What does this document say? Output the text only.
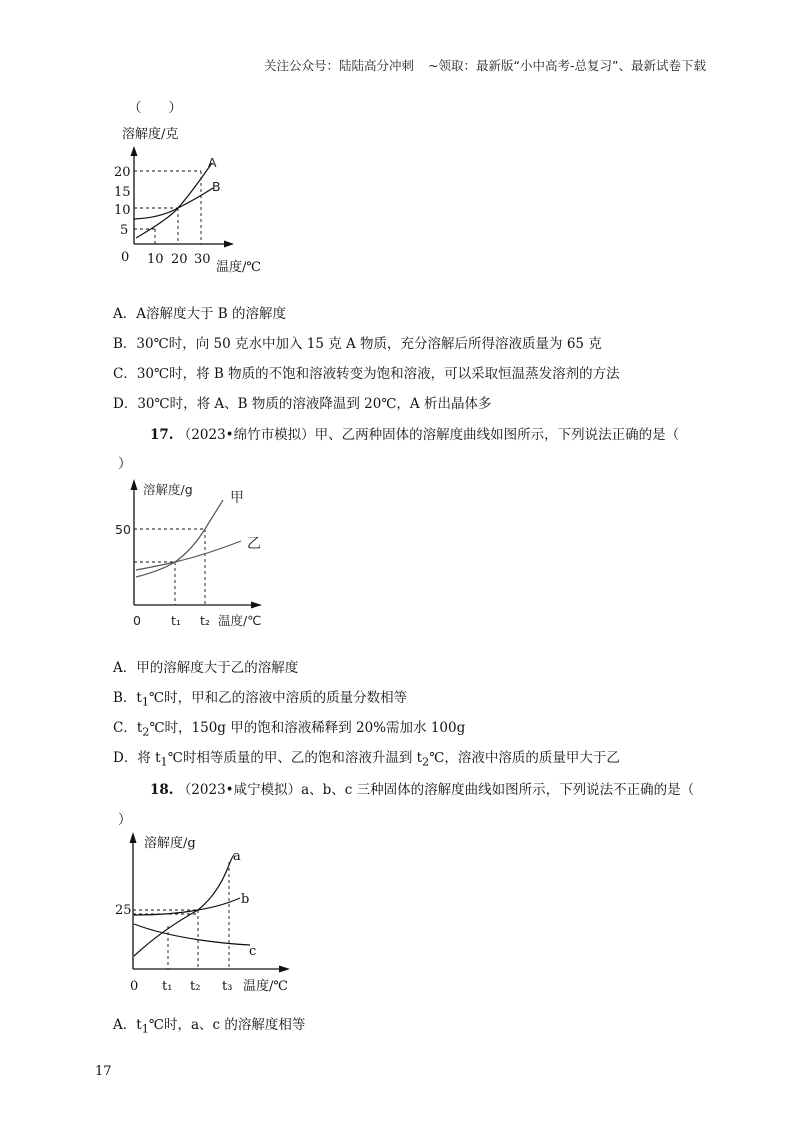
关注公众号：陆陆高分冲刺 ~领取：最新版“小中高考-总复习”、最新试卷下载
（　　）
溶解度/克
温度/℃
0
20
15
10
5
10 20 30
A
B
溶解度/g
温度/℃
0
50
t₁ t₂
甲
乙
溶解度/g
温度/℃
0
25
t₁ t₂ t₃
a
b
c
A．A溶解度大于 B 的溶解度
B．30℃时，向 50 克水中加入 15 克 A 物质，充分溶解后所得溶液质量为 65 克
C．30℃时，将 B 物质的不饱和溶液转变为饱和溶液，可以采取恒温蒸发溶剂的方法
D．30℃时，将 A、B 物质的溶液降温到 20℃，A 析出晶体多
17. （2023•绵竹市模拟）甲、乙两种固体的溶解度曲线如图所示，下列说法正确的是（
）
A．甲的溶解度大于乙的溶解度
B．$t_1℃$时，甲和乙的溶液中溶质的质量分数相等
C．$t_2℃$时，150g 甲的饱和溶液稀释到 20%需加水 100g
D．将 $t_1℃$时相等质量的甲、乙的饱和溶液升温到 $t_2℃$，溶液中溶质的质量甲大于乙
18. （2023•咸宁模拟）a、b、c 三种固体的溶解度曲线如图所示，下列说法不正确的是（
）
A．$t_1℃$时，a、c 的溶解度相等
17
